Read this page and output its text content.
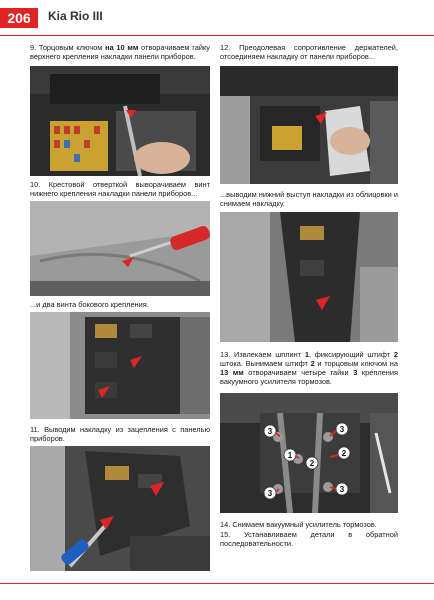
206	Kia Rio III
9. Торцовым ключом на 10 мм отворачиваем гайку верхнего крепления накладки панели приборов.
10. Крестовой отверткой выворачиваем винт нижнего крепления накладки панели приборов...
...и два винта бокового крепления.
11. Выводим накладку из зацепления с панелью приборов.
12. Преодолевая сопротивление держателей, отсоединяем накладку от панели приборов...
...выводим нижний выступ накладки из облицовки и снимаем накладку.
13. Извлекаем шплинт 1, фиксирующий штифт 2 штока. Вынимаем штифт 2 и торцовым ключом на 13 мм отворачиваем четыре гайки 3 крепления вакуумного усилителя тормозов.
3	3
2
1
2
3	3
14. Снимаем вакуумный усилитель тормозов.
15. Устанавливаем детали в обратной последовательности.
